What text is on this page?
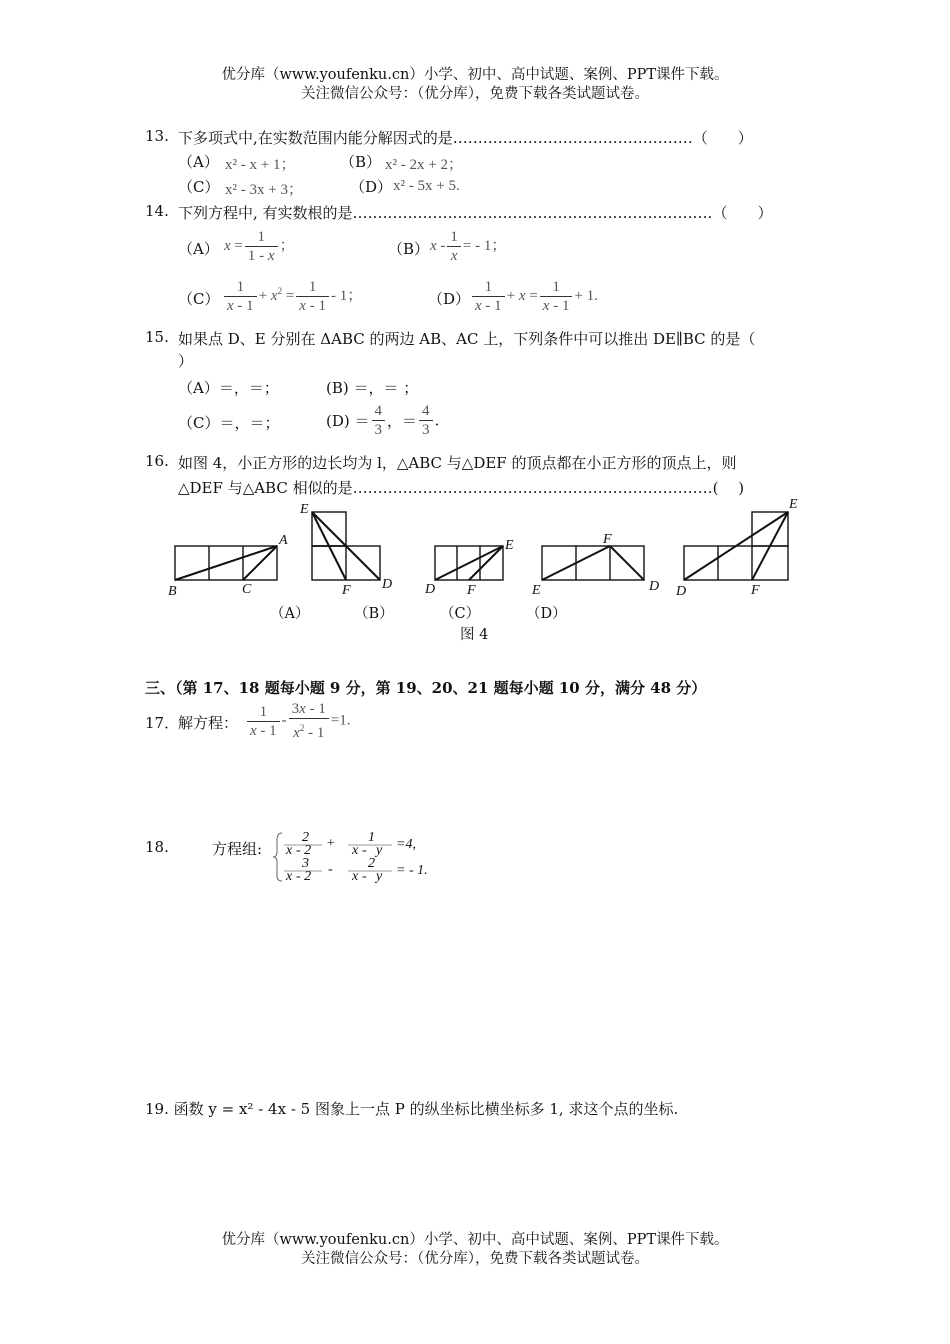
优分库（www.youfenku.cn）小学、初中、高中试题、案例、PPT课件下载。
关注微信公众号：（优分库），免费下载各类试题试卷。
13. 下多项式中,在实数范围内能分解因式的是…………………………………………（　　）
（A） x² - x + 1；	（B） x² - 2x + 2；
（C） x² - 3x + 3；	（D） x² - 5x + 5.
14. 下列方程中, 有实数根的是………………………………………………………………（　　）
（A） $x = \frac{1}{1 - x}$ ；	（B） x - $\frac{1}{x}$ = - 1；
$(C) \frac{1}{x - 1} + x^2 = \frac{1}{x - 1} - 1$；	$(D) \frac{1}{x - 1} + x = \frac{1}{x - 1} + 1$.
15. 如果点 D、E 分别在 ΔABC 的两边 AB、AC 上，下列条件中可以推出 DE∥BC 的是（
）
（A）＝，＝；	(B) ＝，＝ ；
（C）＝，＝；	$(D) = \frac{4}{3}$ ，＝ $\frac{4}{3}$ .
16. 如图 4，小正方形的边长均为 l，△ABC 与△DEF 的顶点都在小正方形的顶点上，则
△DEF 与△ABC 相似的是………………………………………………………………(　 )
B	C
A
E
F D D F
E
E
F
D D	F
E
（A）	（B）	（C）	（D）
图 4
三、（第 17、18 题每小题 9 分，第 19、20、21 题每小题 10 分，满分 48 分）
17．
解方程： $\frac{1}{x - 1} - \frac{3x - 1}{x^2 - 1} =1$.
18.	方程组:
2
x - 2 + 1
x - y =4,
3
x - 2 -	2
x - y = - 1.
19. 函数 y = x² - 4x - 5 图象上一点 P 的纵坐标比横坐标多 1, 求这个点的坐标.
优分库（www.youfenku.cn）小学、初中、高中试题、案例、PPT课件下载。
关注微信公众号：（优分库），免费下载各类试题试卷。
